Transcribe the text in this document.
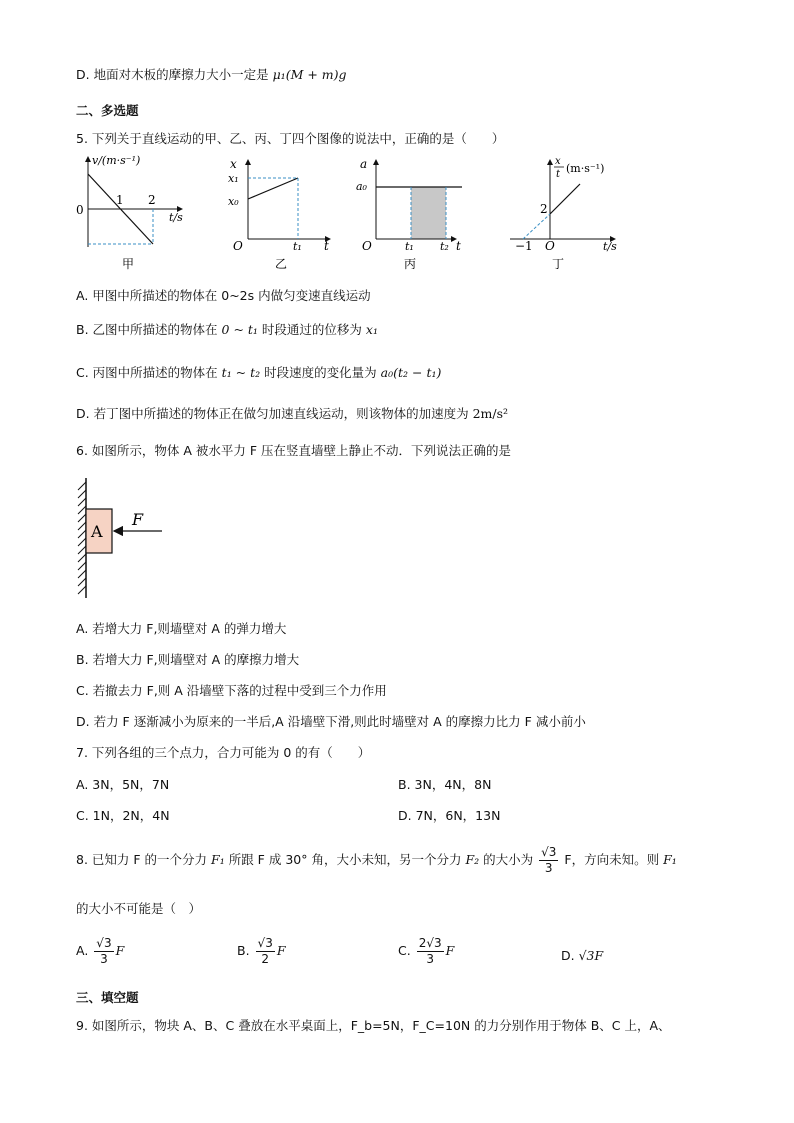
D. 地面对木板的摩擦力大小一定是 μ₁(M + m)g
二、多选题
5. 下列关于直线运动的甲、乙、丙、丁四个图像的说法中，正确的是（　　）
v/(m·s⁻¹)
t/s
0
1 2
甲
x
x₁
x₀
O	t₁ t
乙
a
a₀
O	t₁ t₂ t
丙
x
t (m·s⁻¹)
2
−1 O	t/s
丁
A. 甲图中所描述的物体在 0~2s 内做匀变速直线运动
B. 乙图中所描述的物体在 0 ~ t₁ 时段通过的位移为 x₁
C. 丙图中所描述的物体在 t₁ ~ t₂ 时段速度的变化量为 a₀(t₂ − t₁)
D. 若丁图中所描述的物体正在做匀加速直线运动，则该物体的加速度为 2m/s²
6. 如图所示，物体 A 被水平力 F 压在竖直墙壁上静止不动．下列说法正确的是
A
F
A. 若增大力 F,则墙壁对 A 的弹力增大
B. 若增大力 F,则墙壁对 A 的摩擦力增大
C. 若撤去力 F,则 A 沿墙壁下落的过程中受到三个力作用
D. 若力 F 逐渐减小为原来的一半后,A 沿墙壁下滑,则此时墙壁对 A 的摩擦力比力 F 减小前小
7. 下列各组的三个点力，合力可能为 0 的有（　　）
A. 3N，5N，7N	B. 3N，4N，8N
C. 1N，2N，4N	D. 7N，6N，13N
8. 已知力 F 的一个分力 F₁ 所跟 F 成 30° 角，大小未知，另一个分力 F₂ 的大小为 $\frac{√3}{3}$ F，方向未知。则 F₁
的大小不可能是（　）
A. $\frac{√3}{3}$ F	B. $\frac{√3}{2}$ F	C. $\frac{2√3}{3}$ F	D. √3F
三、填空题
9. 如图所示，物块 A、B、C 叠放在水平桌面上，F_b=5N，F_C=10N 的力分别作用于物体 B、C 上，A、
